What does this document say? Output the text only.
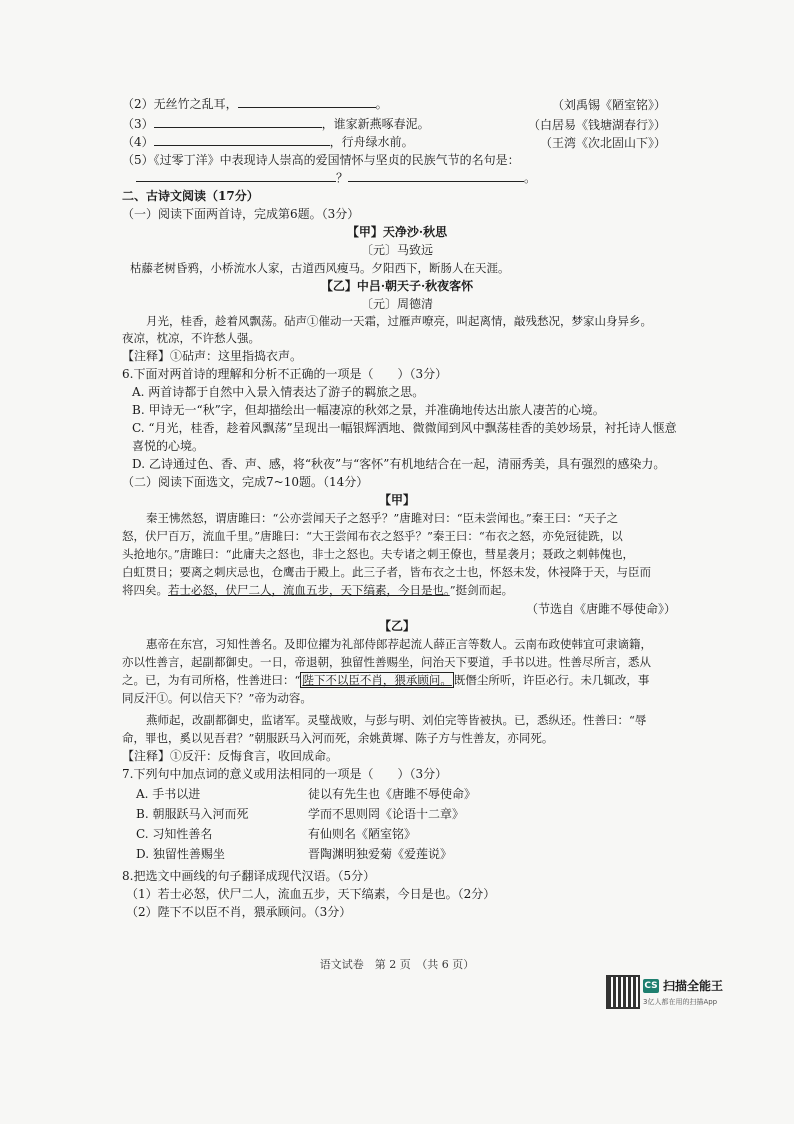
（2）无丝竹之乱耳，	。	（刘禹锡《陋室铭》）
（3）	，谁家新燕啄春泥。	（白居易《钱塘湖春行》）
（4）	，行舟绿水前。	（王湾《次北固山下》）
（5）《过零丁洋》中表现诗人崇高的爱国情怀与坚贞的民族气节的名句是：
？	。
二、古诗文阅读（17分）
（一）阅读下面两首诗，完成第6题。（3分）
【甲】天净沙·秋思
〔元〕马致远
枯藤老树昏鸦，小桥流水人家，古道西风瘦马。夕阳西下，断肠人在天涯。
【乙】中吕·朝天子·秋夜客怀
〔元〕周德清
月光，桂香，趁着风飘荡。砧声①催动一天霜，过雁声嘹亮，叫起离情，敲残愁况，梦家山身异乡。
夜凉，枕凉，不许愁人强。
【注释】①砧声：这里指捣衣声。
6.下面对两首诗的理解和分析不正确的一项是（　　）（3分）
A. 两首诗都于自然中入景入情表达了游子的羁旅之思。
B. 甲诗无一“秋”字，但却描绘出一幅凄凉的秋郊之景，并准确地传达出旅人凄苦的心境。
C. “月光，桂香，趁着风飘荡”呈现出一幅银辉洒地、微微闻到风中飘荡桂香的美妙场景，衬托诗人惬意
喜悦的心境。
D. 乙诗通过色、香、声、感，将“秋夜”与“客怀”有机地结合在一起，清丽秀美，具有强烈的感染力。
（二）阅读下面选文，完成7~10题。（14分）
【甲】
秦王怫然怒，谓唐雎曰：“公亦尝闻天子之怒乎？”唐雎对曰：“臣未尝闻也。”秦王曰：“天子之
怒，伏尸百万，流血千里。”唐雎曰：“大王尝闻布衣之怒乎？”秦王曰：“布衣之怒，亦免冠徒跣，以
头抢地尔。”唐雎曰：“此庸夫之怒也，非士之怒也。夫专诸之刺王僚也，彗星袭月；聂政之刺韩傀也，
白虹贯日；要离之刺庆忌也，仓鹰击于殿上。此三子者，皆布衣之士也，怀怒未发，休祲降于天，与臣而
将四矣。若士必怒，伏尸二人，流血五步，天下缟素，今日是也。”挺剑而起。
（节选自《唐雎不辱使命》）
【乙】
惠帝在东宫，习知性善名。及即位擢为礼部侍郎荐起流人薛正言等数人。云南布政使韩宜可隶谪籍，
亦以性善言，起副都御史。一日，帝退朝，独留性善赐坐，问治天下要道，手书以进。性善尽所言，悉从
之。已，为有司所格，性善进曰：“ 陛下不以臣不肖，猥承顾问。 既僭尘所听，许臣必行。未几辄改，事
同反汗①。何以信天下？”帝为动容。
燕师起，改副都御史，监诸军。灵璧战败，与彭与明、刘伯完等皆被执。已，悉纵还。性善曰：“辱
命，罪也，奚以见吾君？”朝服跃马入河而死，余姚黄墀、陈子方与性善友，亦同死。
【注释】①反汗：反悔食言，收回成命。
7.下列句中加点词的意义或用法相同的一项是（　　）（3分）
A. 手书以进	徒以有先生也《唐雎不辱使命》
B. 朝服跃马入河而死	学而不思则罔《论语十二章》
C. 习知性善名	有仙则名《陋室铭》
D. 独留性善赐坐	晋陶渊明独爱菊《爱莲说》
8.把选文中画线的句子翻译成现代汉语。（5分）
（1）若士必怒，伏尸二人，流血五步，天下缟素，今日是也。（2分）
（2）陛下不以臣不肖，猥承顾问。（3分）
语文试卷　第 2 页　（共 6 页）
CS 扫描全能王
3亿人都在用的扫描App
